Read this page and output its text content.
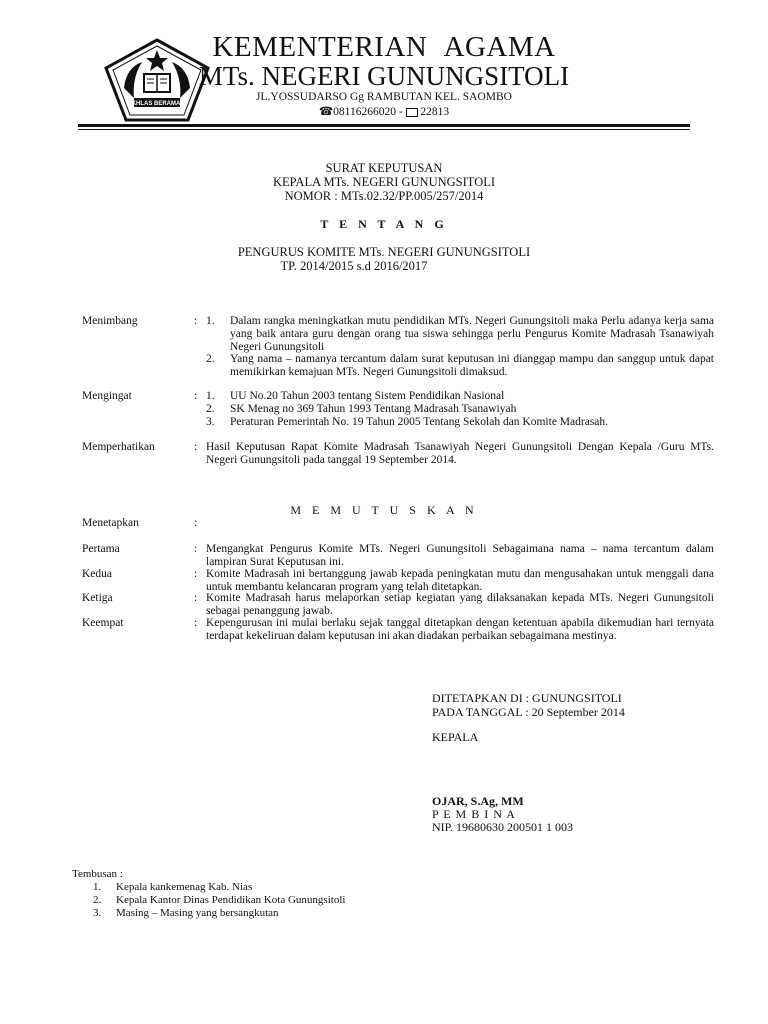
IKHLAS BERAMAL
KEMENTERIAN AGAMA
MTs. NEGERI GUNUNGSITOLI
JL.YOSSUDARSO Gg RAMBUTAN KEL. SAOMBO
☎08116266020 - 22813
SURAT KEPUTUSAN
KEPALA MTs. NEGERI GUNUNGSITOLI
NOMOR : MTs.02.32/PP.005/257/2014
T E N T A N G
PENGURUS KOMITE MTs. NEGERI GUNUNGSITOLI
TP. 2014/2015 s.d 2016/2017
Menimbang	: 1. Dalam rangka meningkatkan mutu pendidikan MTs. Negeri Gunungsitoli maka Perlu adanya kerja sama yang baik antara guru dengan orang tua siswa sehingga perlu Pengurus Komite Madrasah Tsanawiyah Negeri Gunungsitoli
2. Yang nama – namanya tercantum dalam surat keputusan ini dianggap mampu dan sanggup untuk dapat memikirkan kemajuan MTs. Negeri Gunungsitoli dimaksud.
Mengingat	: 1. UU No.20 Tahun 2003 tentang Sistem Pendidikan Nasional
2. SK Menag no 369 Tahun 1993 Tentang Madrasah Tsanawiyah
3. Peraturan Pemerintah No. 19 Tahun 2005 Tentang Sekolah dan Komite Madrasah.
Memperhatikan	: Hasil Keputusan Rapat Komite Madrasah Tsanawiyah Negeri Gunungsitoli Dengan Kepala /Guru MTs. Negeri Gunungsitoli pada tanggal 19 September 2014.
M E M U T U S K A N
Menetapkan	:
Pertama	: Mengangkat Pengurus Komite MTs. Negeri Gunungsitoli Sebagaimana nama – nama tercantum dalam lampiran Surat Keputusan ini.
Kedua	: Komite Madrasah ini bertanggung jawab kepada peningkatan mutu dan mengusahakan untuk menggali dana untuk membantu kelancaran program yang telah ditetapkan.
Ketiga	: Komite Madrasah harus melaporkan setiap kegiatan yang dilaksanakan kepada MTs. Negeri Gunungsitoli sebagai penanggung jawab.
Keempat	: Kepengurusan ini mulai berlaku sejak tanggal ditetapkan dengan ketentuan apabila dikemudian hari ternyata terdapat kekeliruan dalam keputusan ini akan diadakan perbaikan sebagaimana mestinya.
DITETAPKAN DI : GUNUNGSITOLI
PADA TANGGAL : 20 September 2014
KEPALA
OJAR, S.Ag, MM
P E M B I N A
NIP. 19680630 200501 1 003
Tembusan :
1. Kepala kankemenag Kab. Nias
2. Kepala Kantor Dinas Pendidikan Kota Gunungsitoli
3. Masing – Masing yang bersangkutan
